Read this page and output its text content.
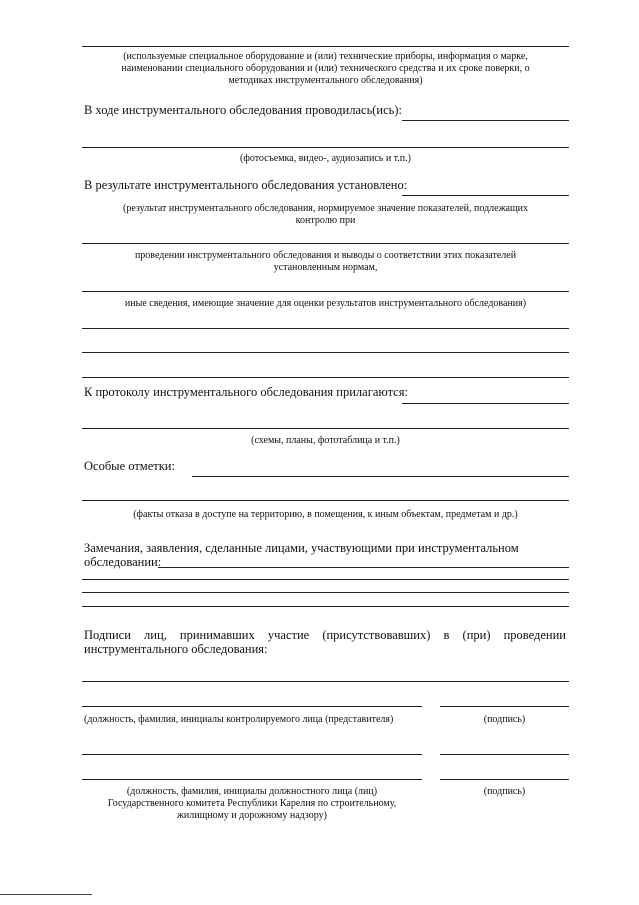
(используемые специальное оборудование и (или) технические приборы, информация о марке,
наименовании специального оборудования и (или) технического средства и их сроке поверки, о
методиках инструментального обследования)
В ходе инструментального обследования проводилась(ись):
(фотосъемка, видео-, аудиозапись и т.п.)
В результате инструментального обследования установлено:
(результат инструментального обследования, нормируемое значение показателей, подлежащих
контролю при
проведении инструментального обследования и выводы о соответствии этих показателей
установленным нормам,
иные сведения, имеющие значение для оценки результатов инструментального обследования)
К протоколу инструментального обследования прилагаются:
(схемы, планы, фототаблица и т.п.)
Особые отметки:
(факты отказа в доступе на территорию, в помещения, к иным объектам, предметам и др.)
Замечания, заявления, сделанные лицами, участвующими при инструментальном
обследовании:
Подписи лиц, принимавших участие (присутствовавших) в (при) проведении
инструментального обследования:
(должность, фамилия, инициалы контролируемого лица (представителя)	(подпись)
(должность, фамилия, инициалы должностного лица (лиц)
Государственного комитета Республики Карелия по строительному,
жилищному и дорожному надзору)
(подпись)
